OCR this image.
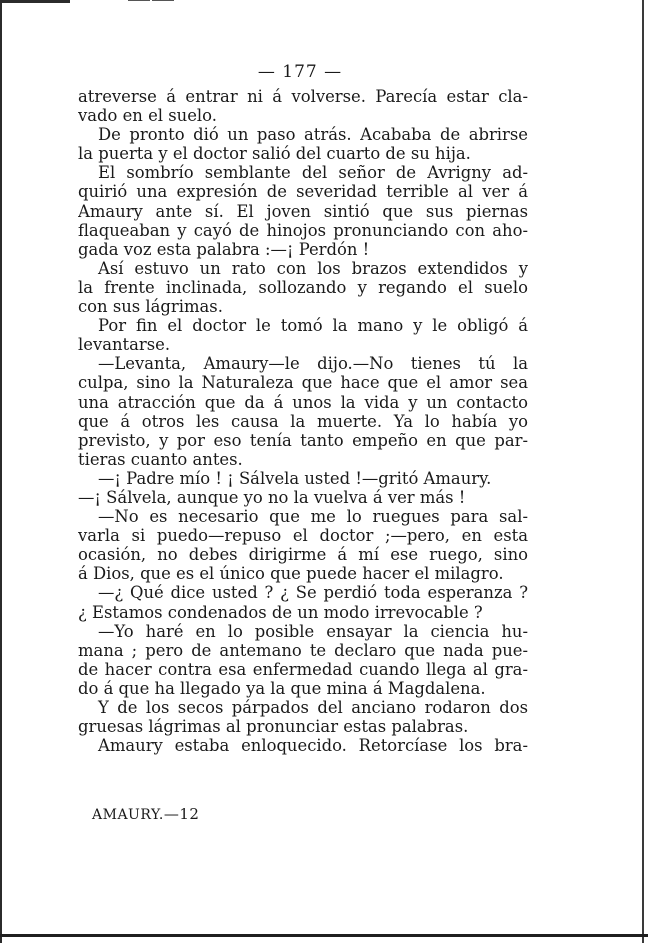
— 177 —
atreverse á entrar ni á volverse. Parecía estar cla-
vado en el suelo.
De pronto dió un paso atrás. Acababa de abrirse
la puerta y el doctor salió del cuarto de su hija.
El sombrío semblante del señor de Avrigny ad-
quirió una expresión de severidad terrible al ver á
Amaury ante sí. El joven sintió que sus piernas
flaqueaban y cayó de hinojos pronunciando con aho-
gada voz esta palabra :—¡ Perdón !
Así estuvo un rato con los brazos extendidos y
la frente inclinada, sollozando y regando el suelo
con sus lágrimas.
Por fin el doctor le tomó la mano y le obligó á
levantarse.
—Levanta, Amaury—le dijo.—No tienes tú la
culpa, sino la Naturaleza que hace que el amor sea
una atracción que da á unos la vida y un contacto
que á otros les causa la muerte. Ya lo había yo
previsto, y por eso tenía tanto empeño en que par-
tieras cuanto antes.
—¡ Padre mío ! ¡ Sálvela usted !—gritó Amaury.
—¡ Sálvela, aunque yo no la vuelva á ver más !
—No es necesario que me lo ruegues para sal-
varla si puedo—repuso el doctor ;—pero, en esta
ocasión, no debes dirigirme á mí ese ruego, sino
á Dios, que es el único que puede hacer el milagro.
—¿ Qué dice usted ? ¿ Se perdió toda esperanza ?
¿ Estamos condenados de un modo irrevocable ?
—Yo haré en lo posible ensayar la ciencia hu-
mana ; pero de antemano te declaro que nada pue-
de hacer contra esa enfermedad cuando llega al gra-
do á que ha llegado ya la que mina á Magdalena.
Y de los secos párpados del anciano rodaron dos
gruesas lágrimas al pronunciar estas palabras.
Amaury estaba enloquecido. Retorcíase los bra-
AMAURY.—12
